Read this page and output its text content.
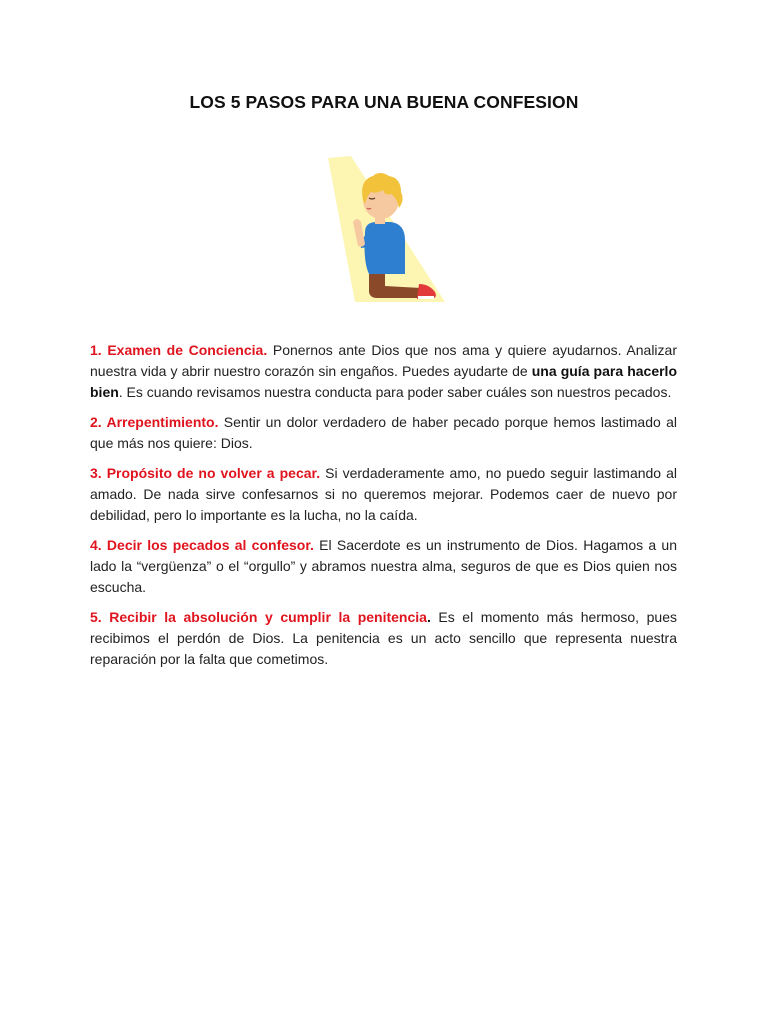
LOS 5 PASOS PARA UNA BUENA CONFESION

1. Examen de Conciencia. Ponernos ante Dios que nos ama y quiere ayudarnos. Analizar nuestra vida y abrir nuestro corazón sin engaños. Puedes ayudarte de una guía para hacerlo bien. Es cuando revisamos nuestra conducta para poder saber cuáles son nuestros pecados.

2. Arrepentimiento. Sentir un dolor verdadero de haber pecado porque hemos lastimado al que más nos quiere: Dios.

3. Propósito de no volver a pecar. Si verdaderamente amo, no puedo seguir lastimando al amado. De nada sirve confesarnos si no queremos mejorar. Podemos caer de nuevo por debilidad, pero lo importante es la lucha, no la caída.

4. Decir los pecados al confesor. El Sacerdote es un instrumento de Dios. Hagamos a un lado la “vergüenza” o el “orgullo” y abramos nuestra alma, seguros de que es Dios quien nos escucha.

5. Recibir la absolución y cumplir la penitencia. Es el momento más hermoso, pues recibimos el perdón de Dios. La penitencia es un acto sencillo que representa nuestra reparación por la falta que cometimos.
